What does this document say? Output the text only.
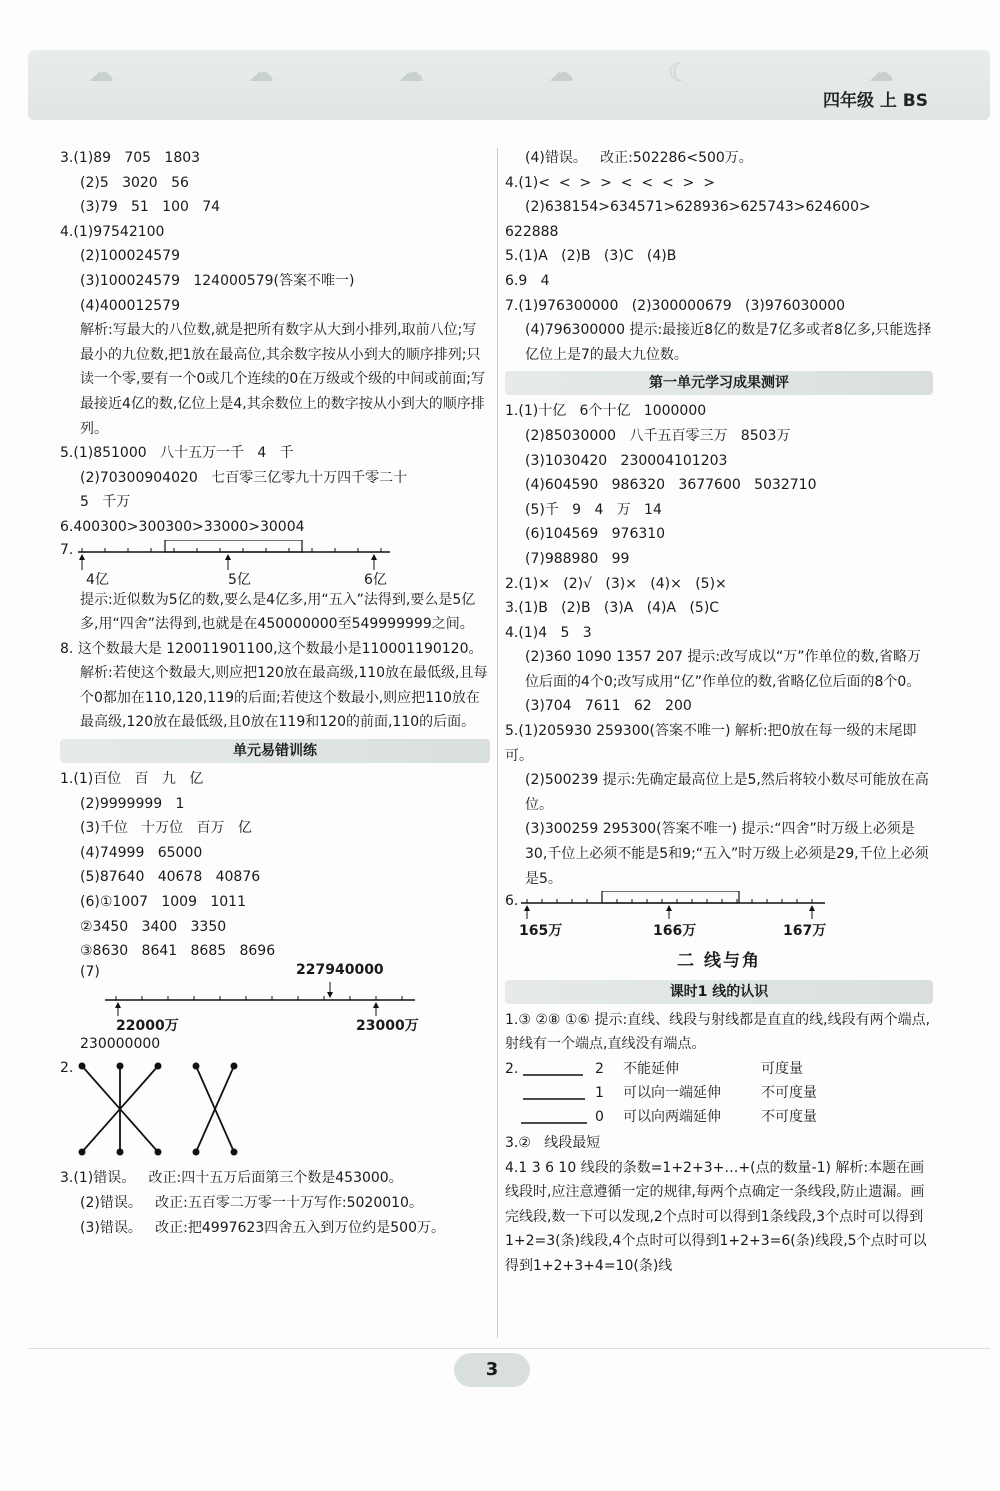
☁	☁	☁	☁	☾	☁
四年级 上 BS
3.(1)89   705   1803
(2)5   3020   56
(3)79   51   100   74
4.(1)97542100
(2)100024579
(3)100024579   124000579(答案不唯一)
(4)400012579
解析:写最大的八位数,就是把所有数字从大到小排列,取前八位;写最小的九位数,把1放在最高位,其余数字按从小到大的顺序排列;只读一个零,要有一个0或几个连续的0在万级或个级的中间或前面;写最接近4亿的数,亿位上是4,其余数位上的数字按从小到大的顺序排列。
5.(1)851000   八十五万一千   4   千
(2)70300904020   七百零三亿零九十万四千零二十
5   千万
6.400300>300300>33000>30004
7.
4亿	5亿	6亿
提示:近似数为5亿的数,要么是4亿多,用“五入”法得到,要么是5亿多,用“四舍”法得到,也就是在450000000至549999999之间。
8. 这个数最大是 120011901100,这个数最小是110001190120。
解析:若使这个数最大,则应把120放在最高级,110放在最低级,且每个0都加在110,120,119的后面;若使这个数最小,则应把110放在最高级,120放在最低级,且0放在119和120的前面,110的后面。
单元易错训练
1.(1)百位   百   九   亿
(2)9999999   1
(3)千位   十万位   百万   亿
(4)74999   65000
(5)87640   40678   40876
(6)①1007   1009   1011
②3450   3400   3350
③8630   8641   8685   8696
(7)	227940000
22000万	23000万
230000000
2.
3.(1)错误。   改正:四十五万后面第三个数是453000。
(2)错误。   改正:五百零二万零一十万写作:5020010。
(3)错误。   改正:把4997623四舍五入到万位约是500万。
(4)错误。   改正:502286<500万。
4.(1)<  <  >  >  <  <  <  >  >
(2)638154>634571>628936>625743>624600>
622888
5.(1)A   (2)B   (3)C   (4)B
6.9   4
7.(1)976300000   (2)300000679   (3)976030000
(4)796300000 提示:最接近8亿的数是7亿多或者8亿多,只能选择亿位上是7的最大九位数。
第一单元学习成果测评
1.(1)十亿   6个十亿   1000000
(2)85030000   八千五百零三万   8503万
(3)1030420   230004101203
(4)604590   986320   3677600   5032710
(5)千   9   4   万   14
(6)104569   976310
(7)988980   99
2.(1)×   (2)√   (3)×   (4)×   (5)×
3.(1)B   (2)B   (3)A   (4)A   (5)C
4.(1)4   5   3
(2)360 1090 1357 207 提示:改写成以“万”作单位的数,省略万位后面的4个0;改写成用“亿”作单位的数,省略亿位后面的8个0。
(3)704   7611   62   200
5.(1)205930 259300(答案不唯一) 解析:把0放在每一级的末尾即可。
(2)500239 提示:先确定最高位上是5,然后将较小数尽可能放在高位。
(3)300259 295300(答案不唯一) 提示:“四舍”时万级上必须是30,千位上必须不能是5和9;“五入”时万级上必须是29,千位上必须是5。
6.
165万	166万	167万
二 线与角
课时1 线的认识
1.③ ②⑧ ①⑥ 提示:直线、线段与射线都是直直的线,线段有两个端点,射线有一个端点,直线没有端点。
2.	2 不能延伸	可度量
1 可以向一端延伸	不可度量
0 可以向两端延伸	不可度量
3.②   线段最短
4.1 3 6 10 线段的条数=1+2+3+…+(点的数量-1) 解析:本题在画线段时,应注意遵循一定的规律,每两个点确定一条线段,防止遗漏。画完线段,数一下可以发现,2个点时可以得到1条线段,3个点时可以得到1+2=3(条)线段,4个点时可以得到1+2+3=6(条)线段,5个点时可以得到1+2+3+4=10(条)线
3
